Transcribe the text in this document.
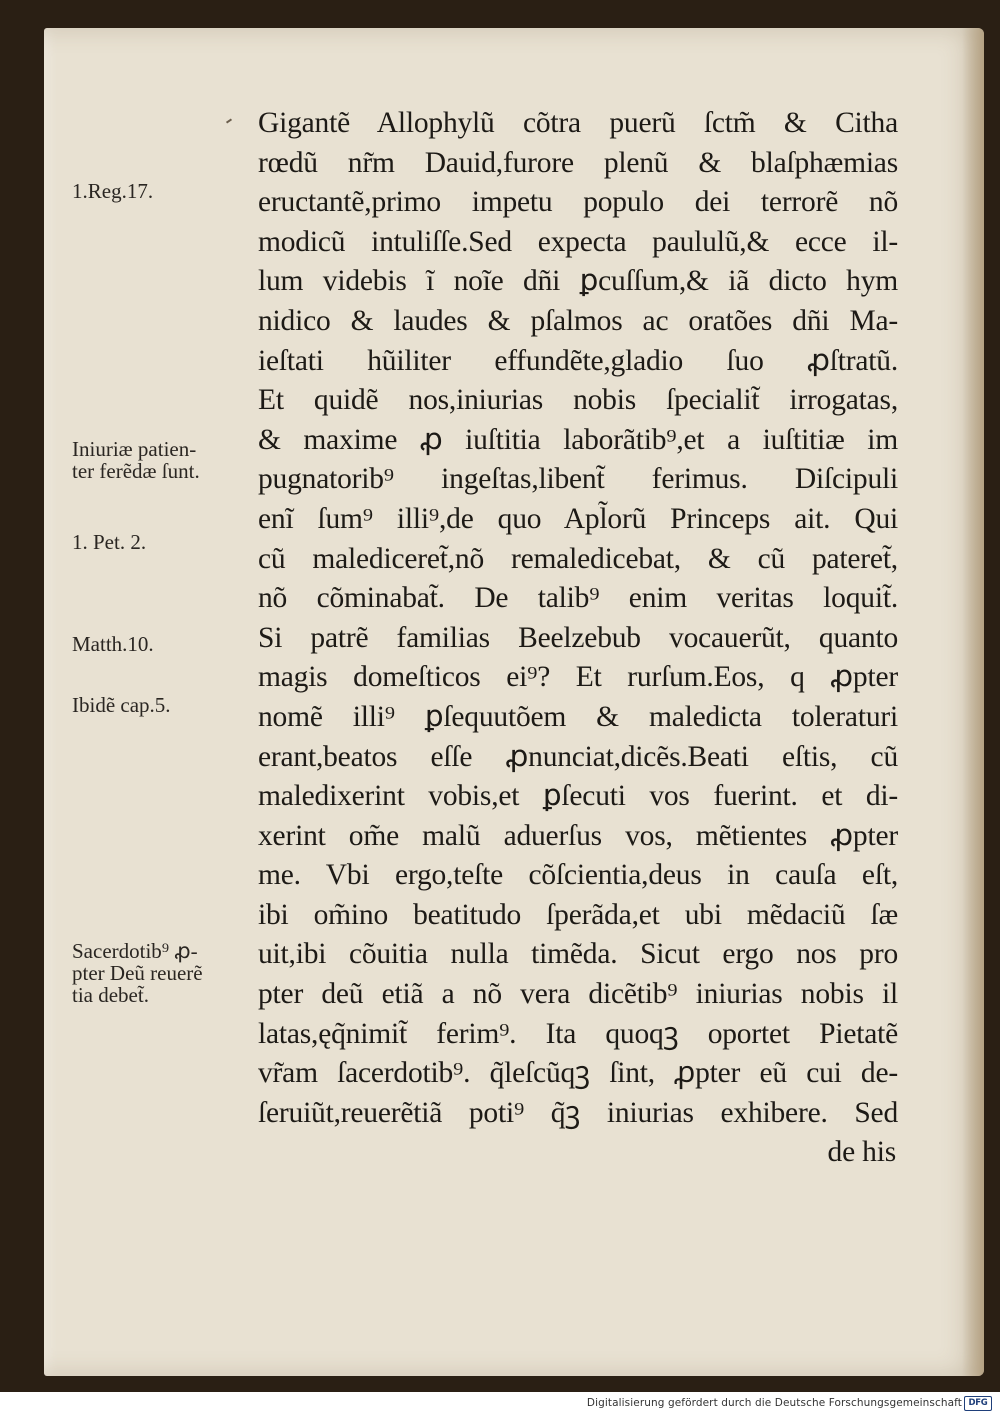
1.Reg.17.
Iniuriæ patien-
ter ferẽdæ ſunt.
1. Pet. 2.
Matth.10.
Ibidẽ cap.5.
Sacerdotib⁹ ꝓ-
pter Deũ reuerẽ
tia debet̃.
Gigantẽ Allophylũ cõtra puerũ ſctm̃ & Citha
rœdũ nr̃m Dauid,furore plenũ & blaſphæmias
eructantẽ,primo impetu populo dei terrorẽ nõ
modicũ intuliſſe.Sed expecta paululũ,& ecce il-
lum videbis ĩ noĩe dñi ꝑcuſſum,& iã dicto hym
nidico & laudes & pſalmos ac oratões dñi Ma-
ieſtati hũiliter effundẽte,gladio ſuo ꝓſtratũ.
Et quidẽ nos,iniurias nobis ſpecialit̃ irrogatas,
& maxime ꝓ iuſtitia laborãtib⁹,et a iuſtitiæ im
pugnatorib⁹ ingeſtas,libent̃ ferimus. Diſcipuli
enĩ ſum⁹ illi⁹,de quo Apl̃orũ Princeps ait. Qui
cũ malediceret̃,nõ remaledicebat, & cũ pateret̃,
nõ cõminabat̃. De talib⁹ enim veritas loquit̃.
Si patrẽ familias Beelzebub vocauerũt, quanto
magis domeſticos ei⁹? Et rurſum.Eos, q ꝓpter
nomẽ illi⁹ ꝑſequutõem & maledicta toleraturi
erant,beatos eſſe ꝓnunciat,dicẽs.Beati eſtis, cũ
maledixerint vobis,et ꝑſecuti vos fuerint. et di-
xerint om̃e malũ aduerſus vos, mẽtientes ꝓpter
me. Vbi ergo,teſte cõſcientia,deus in cauſa eſt,
ibi om̃ino beatitudo ſperãda,et ubi mẽdaciũ ſæ
uit,ibi cõuitia nulla timẽda. Sicut ergo nos pro
pter deũ etiã a nõ vera dicẽtib⁹ iniurias nobis il
latas,ęq̃nimit̃ ferim⁹. Ita quoqꝫ oportet Pietatẽ
vr̃am ſacerdotib⁹. q̃leſcũqꝫ ſint, ꝓpter eũ cui de-
ſeruiũt,reuerẽtiã poti⁹ q̃ꝫ iniurias exhibere. Sed
de his
Digitalisierung gefördert durch die Deutsche Forschungsgemeinschaft DFG
